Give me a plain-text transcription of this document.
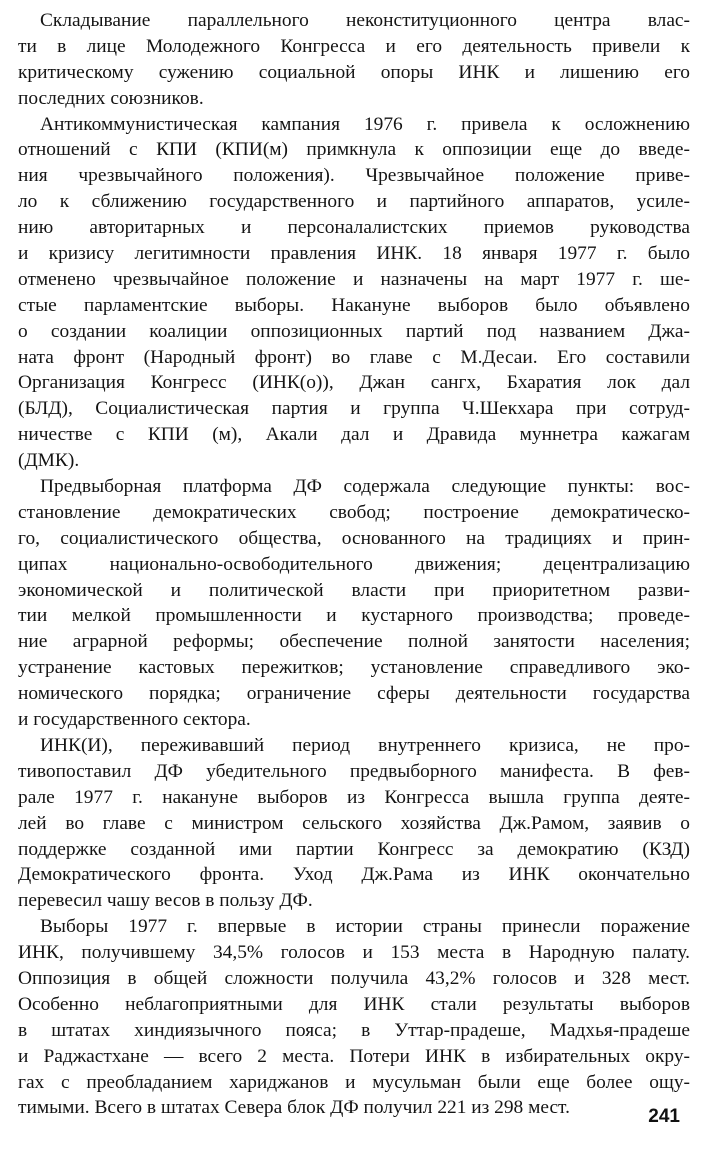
Складывание параллельного неконституционного центра влас-
ти в лице Молодежного Конгресса и его деятельность привели к
критическому сужению социальной опоры ИНК и лишению его
последних союзников.
Антикоммунистическая кампания 1976 г. привела к осложнению
отношений с КПИ (КПИ(м) примкнула к оппозиции еще до введе-
ния чрезвычайного положения). Чрезвычайное положение приве-
ло к сближению государственного и партийного аппаратов, усиле-
нию авторитарных и персоналалистских приемов руководства
и кризису легитимности правления ИНК. 18 января 1977 г. было
отменено чрезвычайное положение и назначены на март 1977 г. ше-
стые парламентские выборы. Накануне выборов было объявлено
о создании коалиции оппозиционных партий под названием Джа-
ната фронт (Народный фронт) во главе с М.Десаи. Его составили
Организация Конгресс (ИНК(о)), Джан сангх, Бхаратия лок дал
(БЛД), Социалистическая партия и группа Ч.Шекхара при сотруд-
ничестве с КПИ (м), Акали дал и Дравида муннетра кажагам
(ДМК).
Предвыборная платформа ДФ содержала следующие пункты: вос-
становление демократических свобод; построение демократическо-
го, социалистического общества, основанного на традициях и прин-
ципах национально-освободительного движения; децентрализацию
экономической и политической власти при приоритетном разви-
тии мелкой промышленности и кустарного производства; проведе-
ние аграрной реформы; обеспечение полной занятости населения;
устранение кастовых пережитков; установление справедливого эко-
номического порядка; ограничение сферы деятельности государства
и государственного сектора.
ИНК(И), переживавший период внутреннего кризиса, не про-
тивопоставил ДФ убедительного предвыборного манифеста. В фев-
рале 1977 г. накануне выборов из Конгресса вышла группа деяте-
лей во главе с министром сельского хозяйства Дж.Рамом, заявив о
поддержке созданной ими партии Конгресс за демократию (КЗД)
Демократического фронта. Уход Дж.Рама из ИНК окончательно
перевесил чашу весов в пользу ДФ.
Выборы 1977 г. впервые в истории страны принесли поражение
ИНК, получившему 34,5% голосов и 153 места в Народную палату.
Оппозиция в общей сложности получила 43,2% голосов и 328 мест.
Особенно неблагоприятными для ИНК стали результаты выборов
в штатах хиндиязычного пояса; в Уттар-прадеше, Мадхья-прадеше
и Раджастхане — всего 2 места. Потери ИНК в избирательных окру-
гах с преобладанием хариджанов и мусульман были еще более ощу-
тимыми. Всего в штатах Севера блок ДФ получил 221 из 298 мест.	241
